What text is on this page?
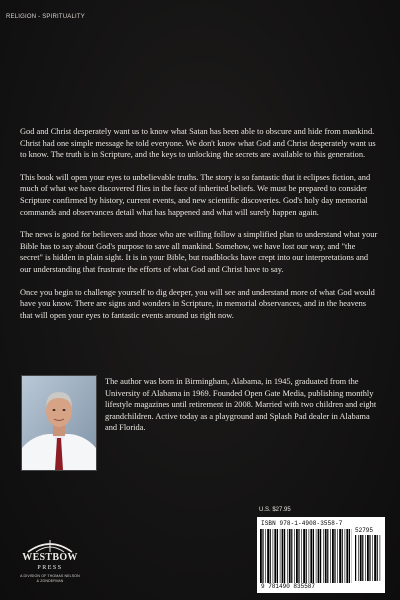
RELIGION - SPIRITUALITY

God and Christ desperately want us to know what Satan has been able to obscure and hide from mankind. Christ had one simple message he told everyone. We don't know what God and Christ desperately want us to know. The truth is in Scripture, and the keys to unlocking the secrets are available to this generation.

This book will open your eyes to unbelievable truths. The story is so fantastic that it eclipses fiction, and much of what we have discovered flies in the face of inherited beliefs. We must be prepared to consider Scripture confirmed by history, current events, and new scientific discoveries. God's holy day memorial commands and observances detail what has happened and what will surely happen again.

The news is good for believers and those who are willing follow a simplified plan to understand what your Bible has to say about God's purpose to save all mankind. Somehow, we have lost our way, and "the secret" is hidden in plain sight. It is in your Bible, but roadblocks have crept into our interpretations and our understanding that frustrate the efforts of what God and Christ have to say.

Once you begin to challenge yourself to dig deeper, you will see and understand more of what God would have you know. There are signs and wonders in Scripture, in memorial observances, and in the heavens that will open your eyes to fantastic events around us right now.

The author was born in Birmingham, Alabama, in 1945, graduated from the University of Alabama in 1969. Founded Open Gate Media, publishing monthly lifestyle magazines until retirement in 2008. Married with two children and eight grandchildren. Active today as a playground and Splash Pad dealer in Alabama and Florida.

WESTBOW
PRESS
A DIVISION OF THOMAS NELSON
& ZONDERVAN
U.S. $27.95
ISBN 978-1-4908-3558-7
9 781490 835587
52795
